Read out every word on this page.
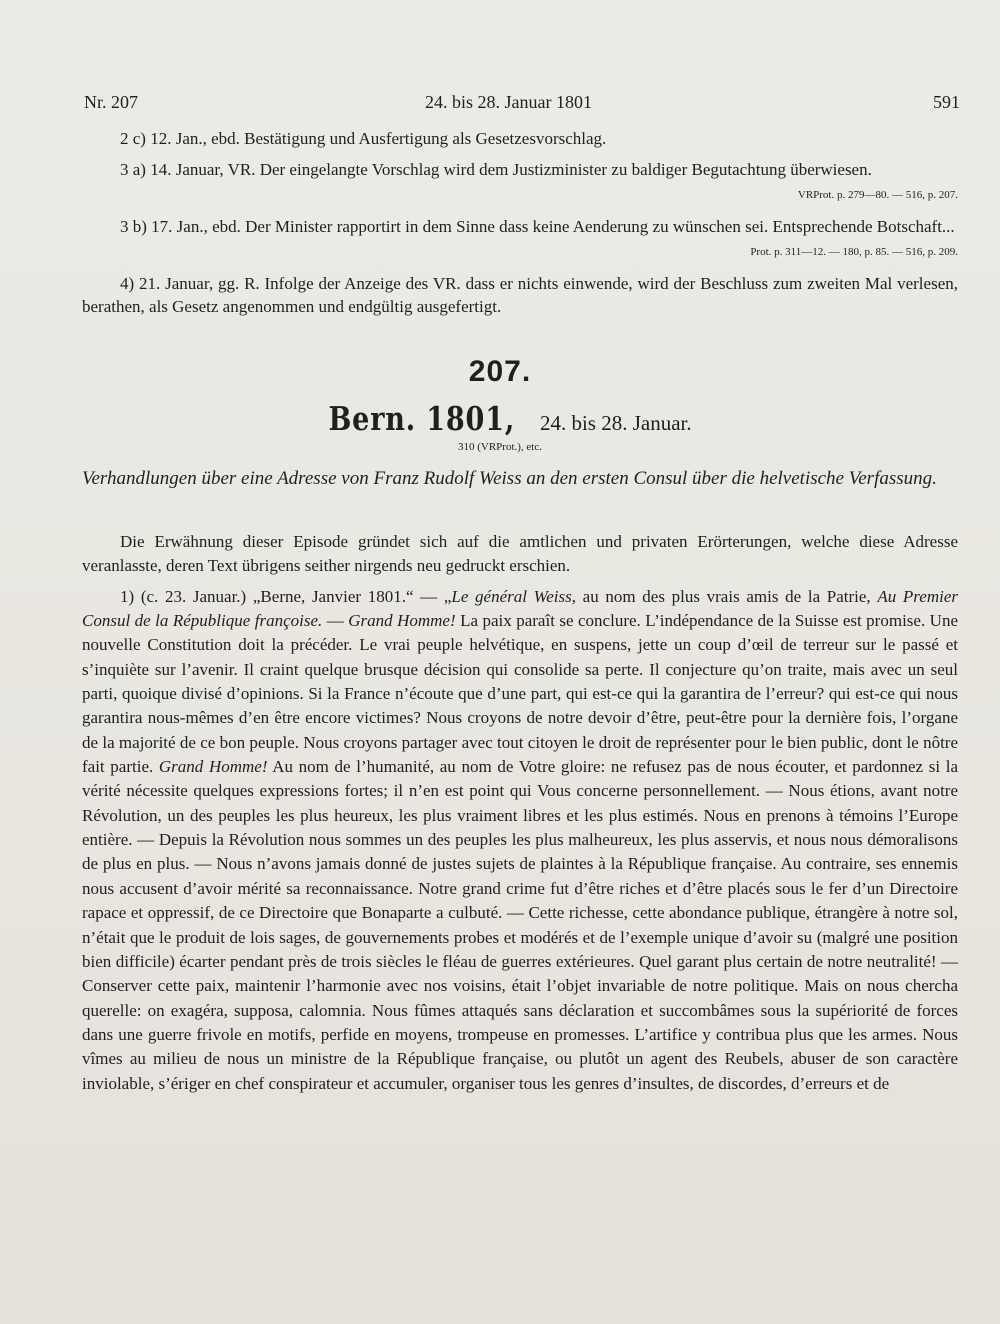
Nr. 207	24. bis 28. Januar 1801	591
2 c) 12. Jan., ebd. Bestätigung und Ausfertigung als Gesetzesvorschlag.
3 a) 14. Januar, VR. Der eingelangte Vorschlag wird dem Justizminister zu baldiger Begutachtung überwiesen.
VRProt. p. 279—80. — 516, p. 207.
3 b) 17. Jan., ebd. Der Minister rapportirt in dem Sinne dass keine Aenderung zu wünschen sei. Entsprechende Botschaft...
Prot. p. 311—12. — 180, p. 85. — 516, p. 209.
4) 21. Januar, gg. R. Infolge der Anzeige des VR. dass er nichts einwende, wird der Beschluss zum zweiten Mal verlesen, berathen, als Gesetz angenommen und endgültig ausgefertigt.
207.
Bern. 1801, 24. bis 28. Januar.
310 (VRProt.), etc.
Verhandlungen über eine Adresse von Franz Rudolf Weiss an den ersten Consul über die helvetische Verfassung.
Die Erwähnung dieser Episode gründet sich auf die amtlichen und privaten Erörterungen, welche diese Adresse veranlasste, deren Text übrigens seither nirgends neu gedruckt erschien.
1) (c. 23. Januar.) „Berne, Janvier 1801.“ — „Le général Weiss, au nom des plus vrais amis de la Patrie, Au Premier Consul de la République françoise. — Grand Homme! La paix paraît se conclure. L’indépendance de la Suisse est promise. Une nouvelle Constitution doit la précéder. Le vrai peuple helvétique, en suspens, jette un coup d’œil de terreur sur le passé et s’inquiète sur l’avenir. Il craint quelque brusque décision qui consolide sa perte. Il conjecture qu’on traite, mais avec un seul parti, quoique divisé d’opinions. Si la France n’écoute que d’une part, qui est-ce qui la garantira de l’erreur? qui est-ce qui nous garantira nous-mêmes d’en être encore victimes? Nous croyons de notre devoir d’être, peut-être pour la dernière fois, l’organe de la majorité de ce bon peuple. Nous croyons partager avec tout citoyen le droit de représenter pour le bien public, dont le nôtre fait partie. Grand Homme! Au nom de l’humanité, au nom de Votre gloire: ne refusez pas de nous écouter, et pardonnez si la vérité nécessite quelques expressions fortes; il n’en est point qui Vous concerne personnellement. — Nous étions, avant notre Révolution, un des peuples les plus heureux, les plus vraiment libres et les plus estimés. Nous en prenons à témoins l’Europe entière. — Depuis la Révolution nous sommes un des peuples les plus malheureux, les plus asservis, et nous nous démoralisons de plus en plus. — Nous n’avons jamais donné de justes sujets de plaintes à la République française. Au contraire, ses ennemis nous accusent d’avoir mérité sa reconnaissance. Notre grand crime fut d’être riches et d’être placés sous le fer d’un Directoire rapace et oppressif, de ce Directoire que Bonaparte a culbuté. — Cette richesse, cette abondance publique, étrangère à notre sol, n’était que le produit de lois sages, de gouvernements probes et modérés et de l’exemple unique d’avoir su (malgré une position bien difficile) écarter pendant près de trois siècles le fléau de guerres extérieures. Quel garant plus certain de notre neutralité! — Conserver cette paix, maintenir l’harmonie avec nos voisins, était l’objet invariable de notre politique. Mais on nous chercha querelle: on exagéra, supposa, calomnia. Nous fûmes attaqués sans déclaration et succombâmes sous la supériorité de forces dans une guerre frivole en motifs, perfide en moyens, trompeuse en promesses. L’artifice y contribua plus que les armes. Nous vîmes au milieu de nous un ministre de la République française, ou plutôt un agent des Reubels, abuser de son caractère inviolable, s’ériger en chef conspirateur et accumuler, organiser tous les genres d’insultes, de discordes, d’erreurs et de
